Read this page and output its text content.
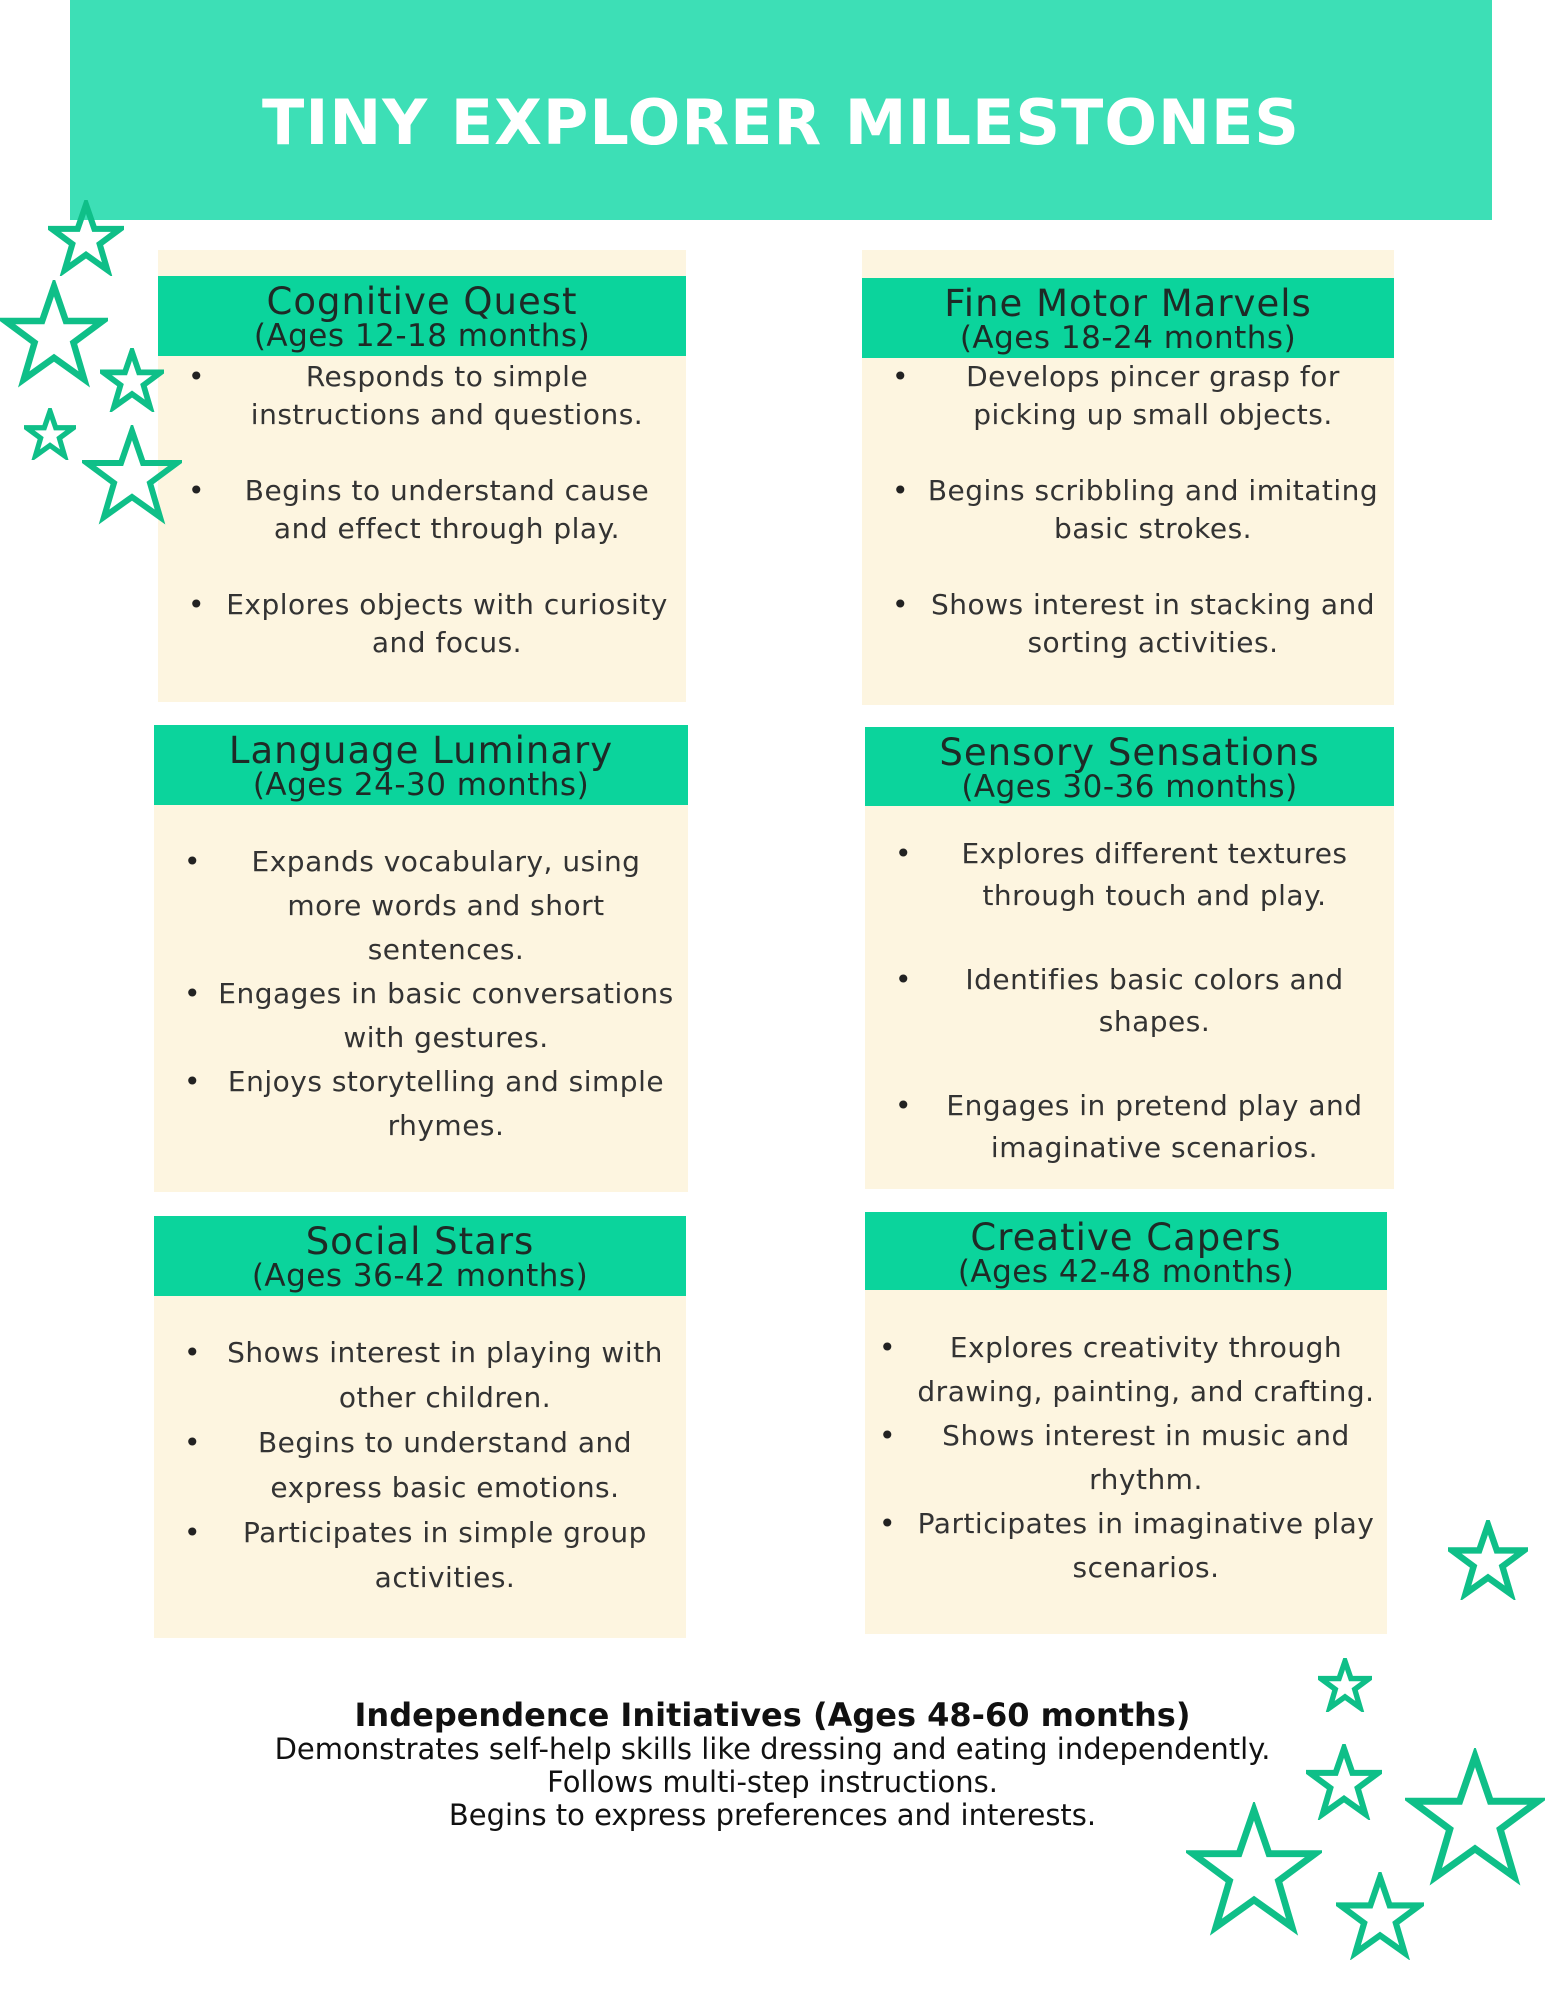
TINY EXPLORER MILESTONES
Cognitive Quest
(Ages 12-18 months)
• Responds to simple instructions and questions.
• Begins to understand cause and effect through play.
• Explores objects with curiosity and focus.
Fine Motor Marvels
(Ages 18-24 months)
• Develops pincer grasp for picking up small objects.
• Begins scribbling and imitating basic strokes.
• Shows interest in stacking and sorting activities.
Language Luminary
(Ages 24-30 months)
• Expands vocabulary, using more words and short sentences.
• Engages in basic conversations with gestures.
• Enjoys storytelling and simple rhymes.
Sensory Sensations
(Ages 30-36 months)
• Explores different textures through touch and play.
• Identifies basic colors and shapes.
• Engages in pretend play and imaginative scenarios.
Social Stars
(Ages 36-42 months)
• Shows interest in playing with other children.
• Begins to understand and express basic emotions.
• Participates in simple group activities.
Creative Capers
(Ages 42-48 months)
• Explores creativity through drawing, painting, and crafting.
• Shows interest in music and rhythm.
• Participates in imaginative play scenarios.
Independence Initiatives (Ages 48-60 months)
Demonstrates self-help skills like dressing and eating independently.
Follows multi-step instructions.
Begins to express preferences and interests.
